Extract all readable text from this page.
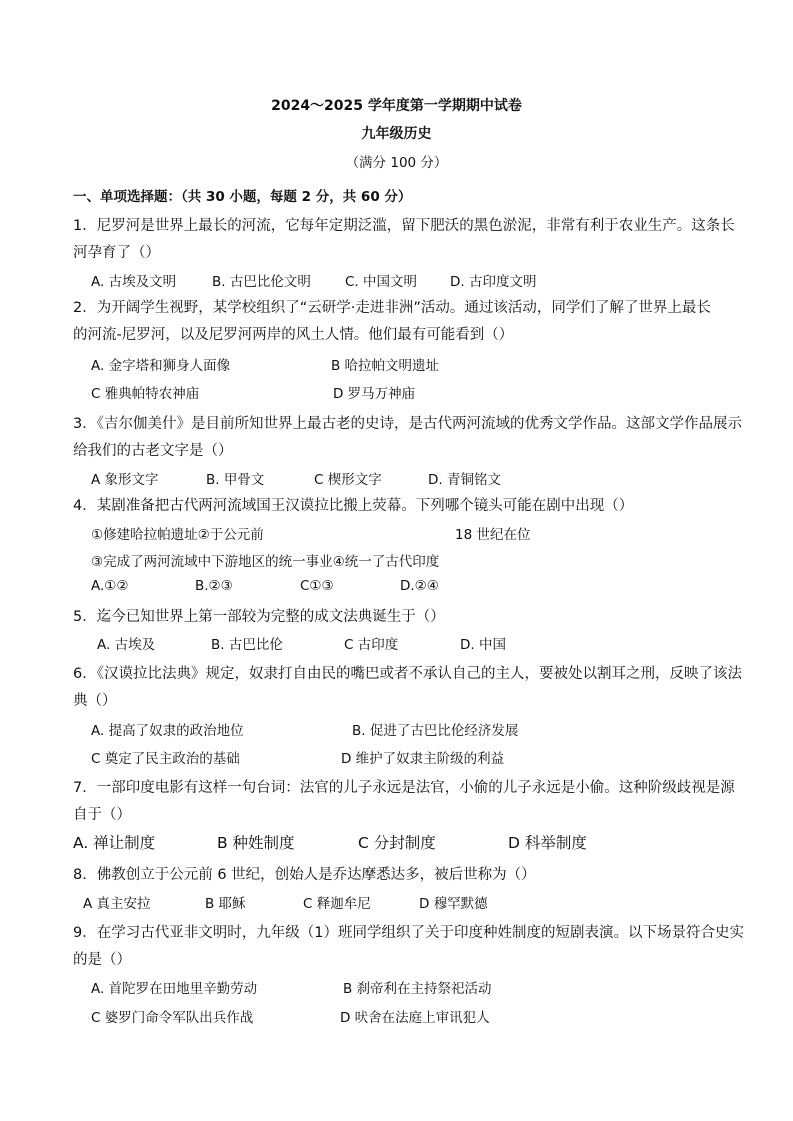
2024～2025 学年度第一学期期中试卷
九年级历史
（满分 100 分）
一、单项选择题：（共 30 小题，每题 2 分，共 60 分）
1．尼罗河是世界上最长的河流，它每年定期泛滥，留下肥沃的黑色淤泥，非常有利于农业生产。这条长
河孕育了（）
A. 古埃及文明	B. 古巴比伦文明	C. 中国文明 D. 古印度文明
2．为开阔学生视野，某学校组织了“云研学·走进非洲”活动。通过该活动，同学们了解了世界上最长
的河流-尼罗河，以及尼罗河两岸的风土人情。他们最有可能看到（）
A. 金字塔和狮身人面像	B 哈拉帕文明遗址
C 雅典帕特农神庙	D 罗马万神庙
3．《吉尔伽美什》是目前所知世界上最古老的史诗，是古代两河流域的优秀文学作品。这部文学作品展示
给我们的古老文字是（）
A 象形文字	B. 甲骨文	C 楔形文字	D. 青铜铭文
4．某剧准备把古代两河流域国王汉谟拉比搬上荧幕。下列哪个镜头可能在剧中出现（）
①修建哈拉帕遗址②于公元前	18 世纪在位
③完成了两河流域中下游地区的统一事业④统一了古代印度
A.①②	B.②③	C①③	D.②④
5．迄今已知世界上第一部较为完整的成文法典诞生于（）
A. 古埃及	B. 古巴比伦	C 古印度	D. 中国
6．《汉谟拉比法典》规定，奴隶打自由民的嘴巴或者不承认自己的主人，要被处以割耳之刑，反映了该法
典（）
A. 提高了奴隶的政治地位	B. 促进了古巴比伦经济发展
C 奠定了民主政治的基础	D 维护了奴隶主阶级的利益
7．一部印度电影有这样一句台词：法官的儿子永远是法官，小偷的儿子永远是小偷。这种阶级歧视是源
自于（）
A. 禅让制度	B 种姓制度	C 分封制度	D 科举制度
8．佛教创立于公元前 6 世纪，创始人是乔达摩悉达多，被后世称为（）
A 真主安拉	B 耶稣	C 释迦牟尼	D 穆罕默德
9．在学习古代亚非文明时，九年级（1）班同学组织了关于印度种姓制度的短剧表演。以下场景符合史实
的是（）
A. 首陀罗在田地里辛勤劳动	B 刹帝利在主持祭祀活动
C 婆罗门命令军队出兵作战	D 吠舍在法庭上审讯犯人
